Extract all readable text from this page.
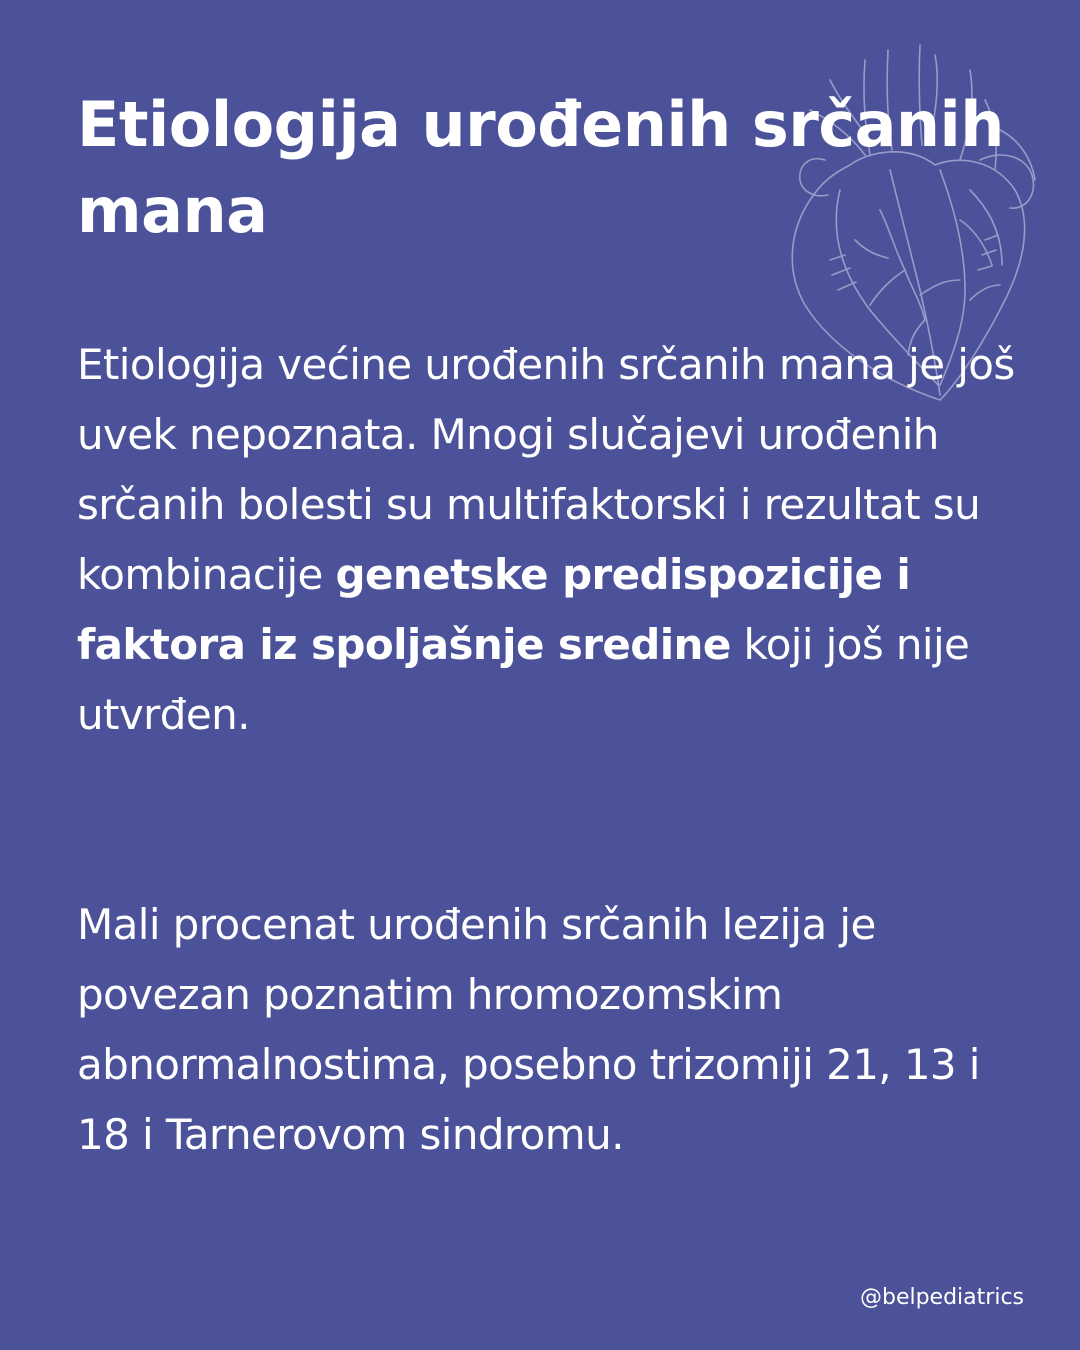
Etiologija urođenih srčanih mana

Etiologija većine urođenih srčanih mana je još uvek nepoznata. Mnogi slučajevi urođenih srčanih bolesti su multifaktorski i rezultat su kombinacije genetske predispozicije i faktora iz spoljašnje sredine koji još nije utvrđen.

Mali procenat urođenih srčanih lezija je povezan poznatim hromozomskim abnormalnostima, posebno trizomiji 21, 13 i 18 i Tarnerovom sindromu.

@belpediatrics
